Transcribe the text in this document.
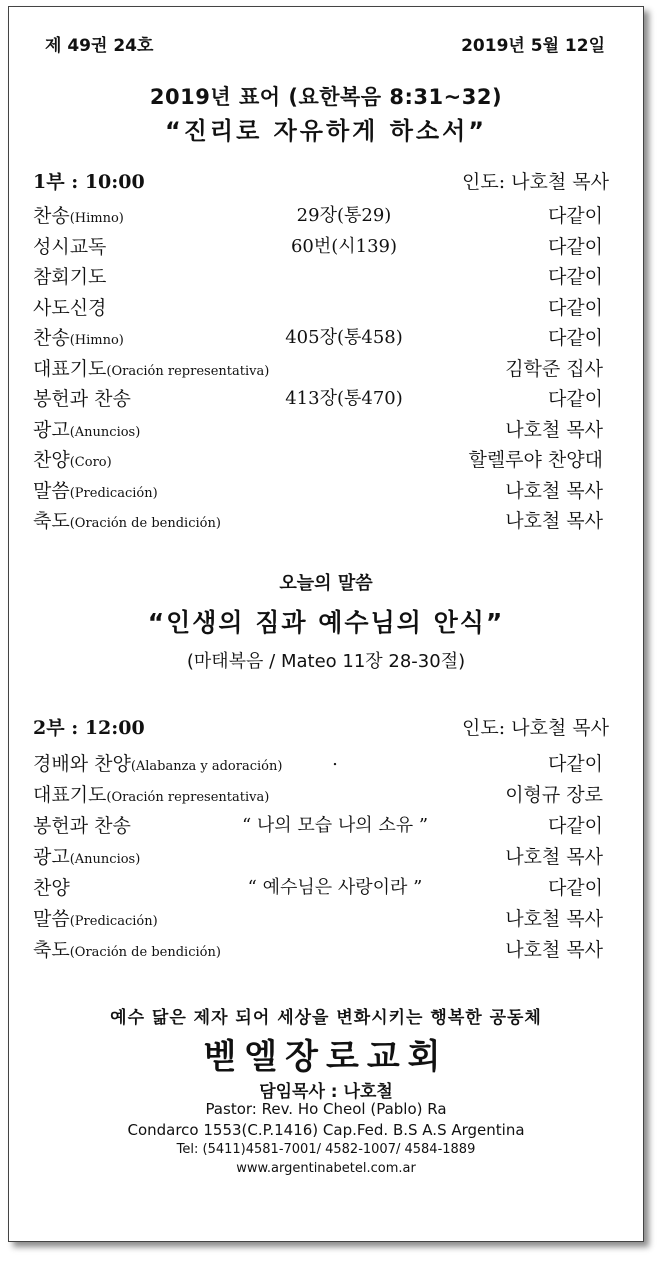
제 49권 24호	2019년 5월 12일
2019년 표어 (요한복음 8:31~32)
“진리로 자유하게 하소서”
1부 : 10:00	인도: 나호철 목사
찬송(Himno)	29장(통29)	다같이
성시교독	60번(시139)	다같이
참회기도	다같이
사도신경	다같이
찬송(Himno)	405장(통458)	다같이
대표기도(Oración representativa)	김학준 집사
봉헌과 찬송	413장(통470)	다같이
광고(Anuncios)	나호철 목사
찬양(Coro)	할렐루야 찬양대
말씀(Predicación)	나호철 목사
축도(Oración de bendición)	나호철 목사
오늘의 말씀
“인생의 짐과 예수님의 안식”
(마태복음 / Mateo 11장 28-30절)
2부 : 12:00	인도: 나호철 목사
경배와 찬양(Alabanza y adoración)	.	다같이
대표기도(Oración representativa)	이형규 장로
봉헌과 찬송	“ 나의 모습 나의 소유 ”	다같이
광고(Anuncios)	나호철 목사
찬양	“ 예수님은 사랑이라 ”	다같이
말씀(Predicación)	나호철 목사
축도(Oración de bendición)	나호철 목사
예수 닮은 제자 되어 세상을 변화시키는 행복한 공동체
벧엘장로교회
담임목사 : 나호철
Pastor: Rev. Ho Cheol (Pablo) Ra
Condarco 1553(C.P.1416) Cap.Fed. B.S A.S Argentina
Tel: (5411)4581-7001/ 4582-1007/ 4584-1889
www.argentinabetel.com.ar
